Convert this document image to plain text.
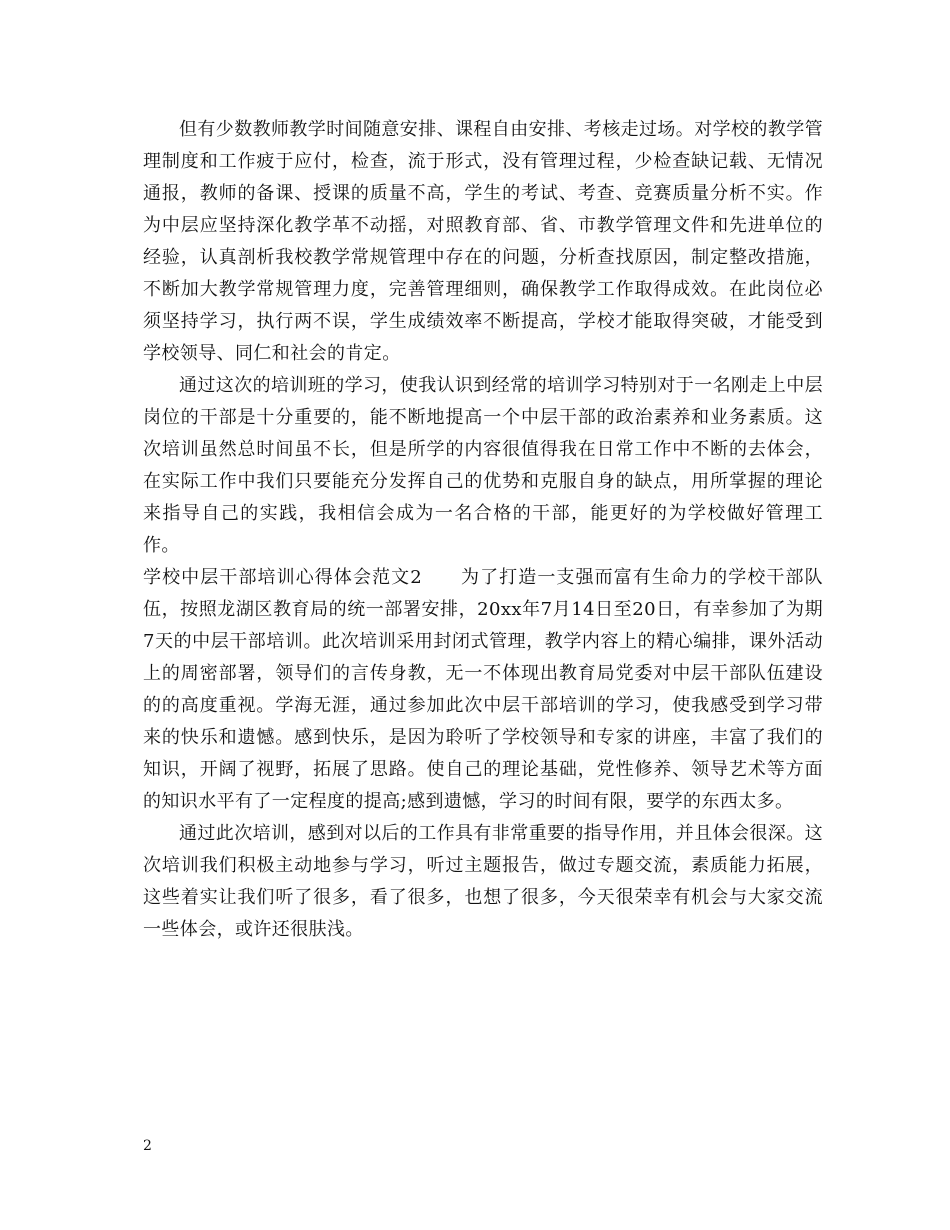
但有少数教师教学时间随意安排、课程自由安排、考核走过场。对学校的教学管理制度和工作疲于应付，检查，流于形式，没有管理过程，少检查缺记载、无情况通报，教师的备课、授课的质量不高，学生的考试、考查、竞赛质量分析不实。作为中层应坚持深化教学革不动摇，对照教育部、省、市教学管理文件和先进单位的经验，认真剖析我校教学常规管理中存在的问题，分析查找原因，制定整改措施，不断加大教学常规管理力度，完善管理细则，确保教学工作取得成效。在此岗位必须坚持学习，执行两不误，学生成绩效率不断提高，学校才能取得突破，才能受到学校领导、同仁和社会的肯定。

通过这次的培训班的学习，使我认识到经常的培训学习特别对于一名刚走上中层岗位的干部是十分重要的，能不断地提高一个中层干部的政治素养和业务素质。这次培训虽然总时间虽不长，但是所学的内容很值得我在日常工作中不断的去体会，在实际工作中我们只要能充分发挥自己的优势和克服自身的缺点，用所掌握的理论来指导自己的实践，我相信会成为一名合格的干部，能更好的为学校做好管理工作。

学校中层干部培训心得体会范文2　　为了打造一支强而富有生命力的学校干部队伍，按照龙湖区教育局的统一部署安排，20xx年7月14日至20日，有幸参加了为期7天的中层干部培训。此次培训采用封闭式管理，教学内容上的精心编排，课外活动上的周密部署，领导们的言传身教，无一不体现出教育局党委对中层干部队伍建设的的高度重视。学海无涯，通过参加此次中层干部培训的学习，使我感受到学习带来的快乐和遗憾。感到快乐，是因为聆听了学校领导和专家的讲座，丰富了我们的知识，开阔了视野，拓展了思路。使自己的理论基础，党性修养、领导艺术等方面的知识水平有了一定程度的提高;感到遗憾，学习的时间有限，要学的东西太多。

通过此次培训，感到对以后的工作具有非常重要的指导作用，并且体会很深。这次培训我们积极主动地参与学习，听过主题报告，做过专题交流，素质能力拓展，这些着实让我们听了很多，看了很多，也想了很多，今天很荣幸有机会与大家交流一些体会，或许还很肤浅。

2
